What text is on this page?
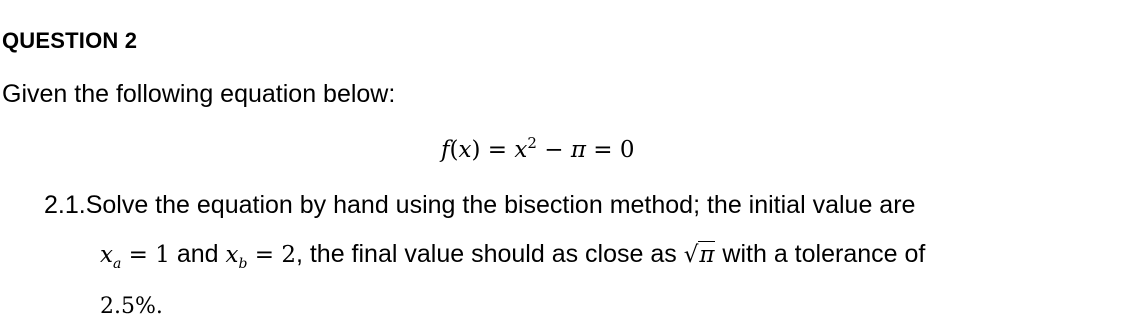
QUESTION 2
Given the following equation below:
$f(x) = x^2 - \pi = 0$
2.1.Solve the equation by hand using the bisection method; the initial value are
$x_a = 1$ and $x_b = 2$, the final value should as close as √π with a tolerance of
2.5%.
